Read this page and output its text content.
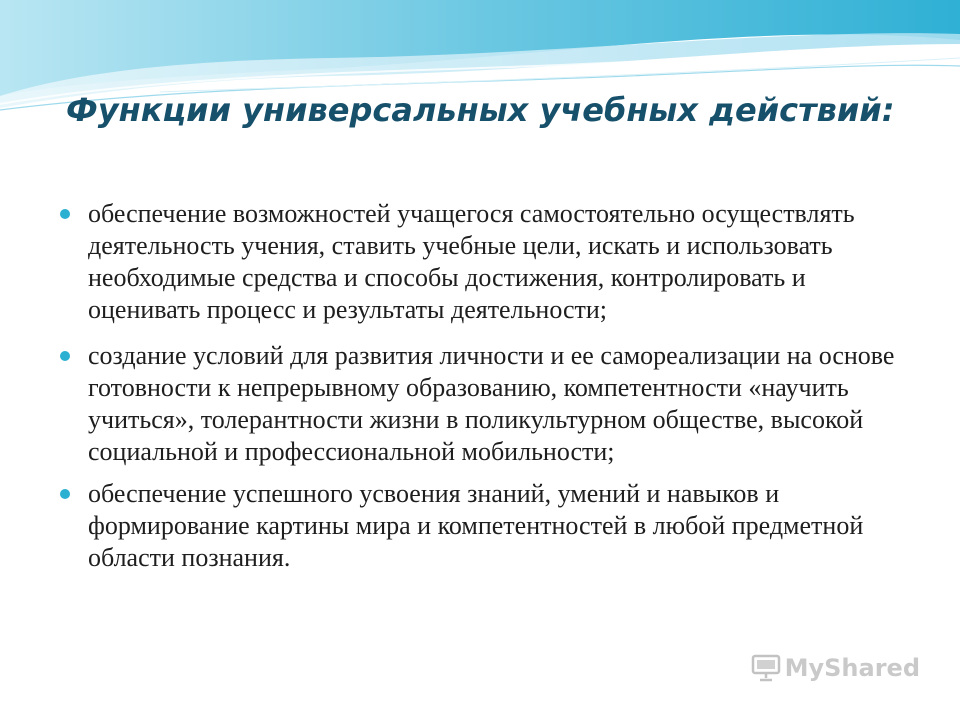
Функции универсальных учебных действий:
обеспечение возможностей учащегося самостоятельно осуществлять деятельность учения, ставить учебные цели, искать и использовать необходимые средства и способы достижения, контролировать и оценивать процесс и результаты деятельности;
создание условий для развития личности и ее самореализации на основе готовности к непрерывному образованию, компетентности «научить учиться», толерантности жизни в поликультурном обществе, высокой социальной и профессиональной мобильности;
обеспечение успешного усвоения знаний, умений и навыков и формирование картины мира и компетентностей в любой предметной области познания.
MyShared
